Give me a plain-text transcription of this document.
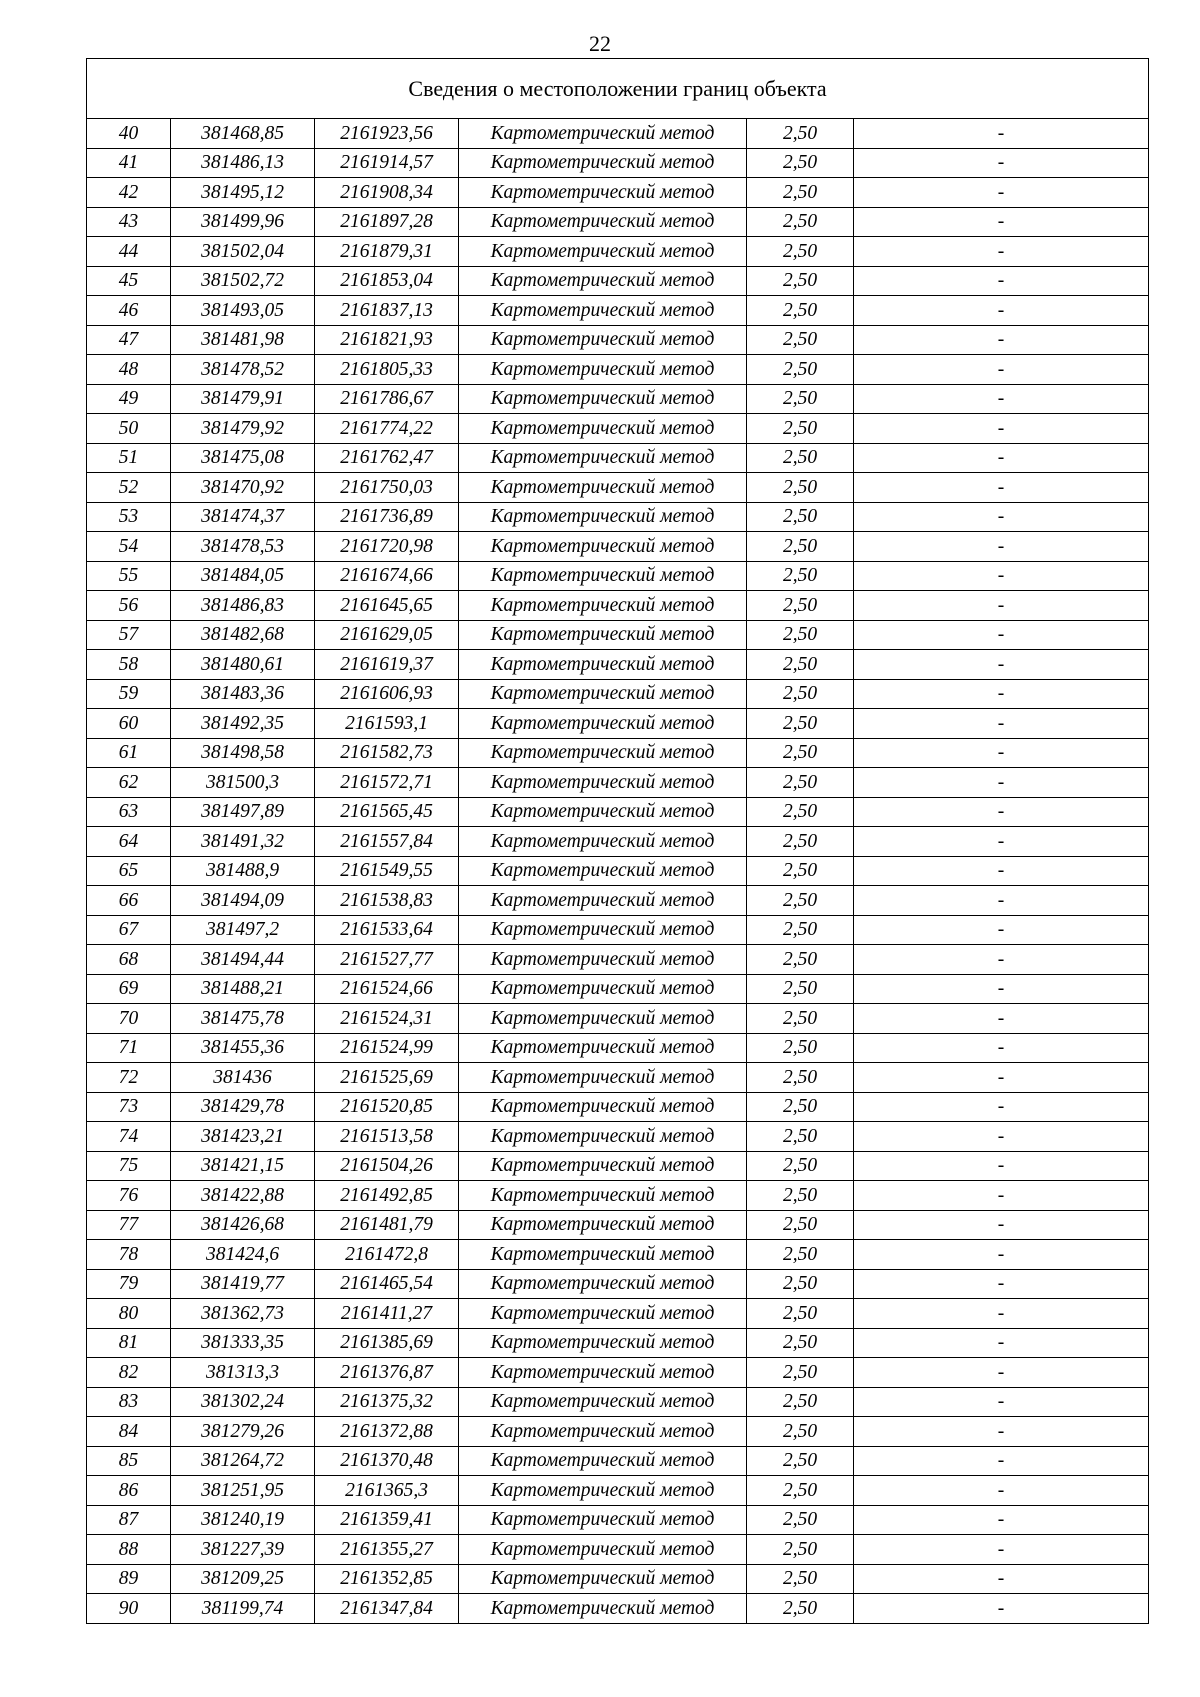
22
Сведения о местоположении границ объекта					
40	381468,85	2161923,56	Картометрический метод	2,50	-
41	381486,13	2161914,57	Картометрический метод	2,50	-
42	381495,12	2161908,34	Картометрический метод	2,50	-
43	381499,96	2161897,28	Картометрический метод	2,50	-
44	381502,04	2161879,31	Картометрический метод	2,50	-
45	381502,72	2161853,04	Картометрический метод	2,50	-
46	381493,05	2161837,13	Картометрический метод	2,50	-
47	381481,98	2161821,93	Картометрический метод	2,50	-
48	381478,52	2161805,33	Картометрический метод	2,50	-
49	381479,91	2161786,67	Картометрический метод	2,50	-
50	381479,92	2161774,22	Картометрический метод	2,50	-
51	381475,08	2161762,47	Картометрический метод	2,50	-
52	381470,92	2161750,03	Картометрический метод	2,50	-
53	381474,37	2161736,89	Картометрический метод	2,50	-
54	381478,53	2161720,98	Картометрический метод	2,50	-
55	381484,05	2161674,66	Картометрический метод	2,50	-
56	381486,83	2161645,65	Картометрический метод	2,50	-
57	381482,68	2161629,05	Картометрический метод	2,50	-
58	381480,61	2161619,37	Картометрический метод	2,50	-
59	381483,36	2161606,93	Картометрический метод	2,50	-
60	381492,35	2161593,1	Картометрический метод	2,50	-
61	381498,58	2161582,73	Картометрический метод	2,50	-
62	381500,3	2161572,71	Картометрический метод	2,50	-
63	381497,89	2161565,45	Картометрический метод	2,50	-
64	381491,32	2161557,84	Картометрический метод	2,50	-
65	381488,9	2161549,55	Картометрический метод	2,50	-
66	381494,09	2161538,83	Картометрический метод	2,50	-
67	381497,2	2161533,64	Картометрический метод	2,50	-
68	381494,44	2161527,77	Картометрический метод	2,50	-
69	381488,21	2161524,66	Картометрический метод	2,50	-
70	381475,78	2161524,31	Картометрический метод	2,50	-
71	381455,36	2161524,99	Картометрический метод	2,50	-
72	381436	2161525,69	Картометрический метод	2,50	-
73	381429,78	2161520,85	Картометрический метод	2,50	-
74	381423,21	2161513,58	Картометрический метод	2,50	-
75	381421,15	2161504,26	Картометрический метод	2,50	-
76	381422,88	2161492,85	Картометрический метод	2,50	-
77	381426,68	2161481,79	Картометрический метод	2,50	-
78	381424,6	2161472,8	Картометрический метод	2,50	-
79	381419,77	2161465,54	Картометрический метод	2,50	-
80	381362,73	2161411,27	Картометрический метод	2,50	-
81	381333,35	2161385,69	Картометрический метод	2,50	-
82	381313,3	2161376,87	Картометрический метод	2,50	-
83	381302,24	2161375,32	Картометрический метод	2,50	-
84	381279,26	2161372,88	Картометрический метод	2,50	-
85	381264,72	2161370,48	Картометрический метод	2,50	-
86	381251,95	2161365,3	Картометрический метод	2,50	-
87	381240,19	2161359,41	Картометрический метод	2,50	-
88	381227,39	2161355,27	Картометрический метод	2,50	-
89	381209,25	2161352,85	Картометрический метод	2,50	-
90	381199,74	2161347,84	Картометрический метод	2,50	-
